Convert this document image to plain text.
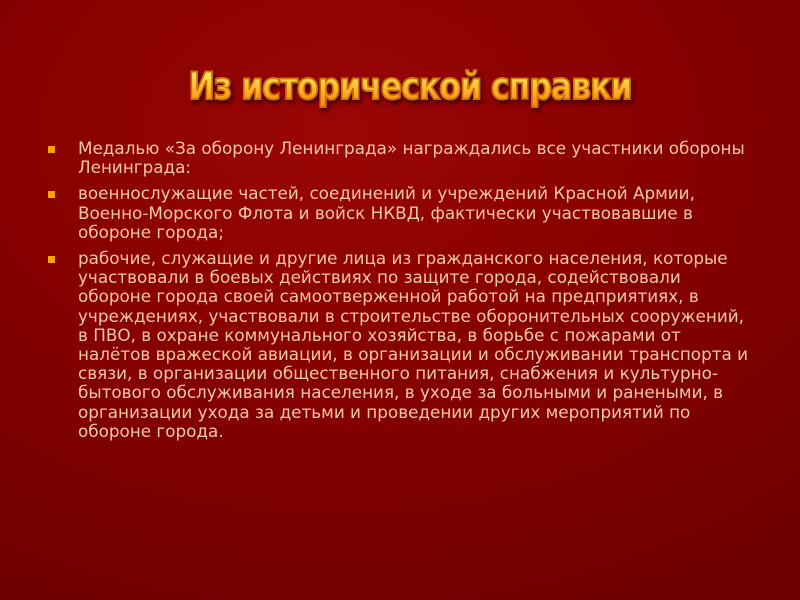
Из исторической справки
Медалью «За оборону Ленинграда» награждались все участники обороны Ленинграда:
военнослужащие частей, соединений и учреждений Красной Армии, Военно-Морского Флота и войск НКВД, фактически участвовавшие в обороне города;
рабочие, служащие и другие лица из гражданского населения, которые участвовали в боевых действиях по защите города, содействовали обороне города своей самоотверженной работой на предприятиях, в учреждениях, участвовали в строительстве оборонительных сооружений, в ПВО, в охране коммунального хозяйства, в борьбе с пожарами от налётов вражеской авиации, в организации и обслуживании транспорта и связи, в организации общественного питания, снабжения и культурно-бытового обслуживания населения, в уходе за больными и ранеными, в организации ухода за детьми и проведении других мероприятий по обороне города.
